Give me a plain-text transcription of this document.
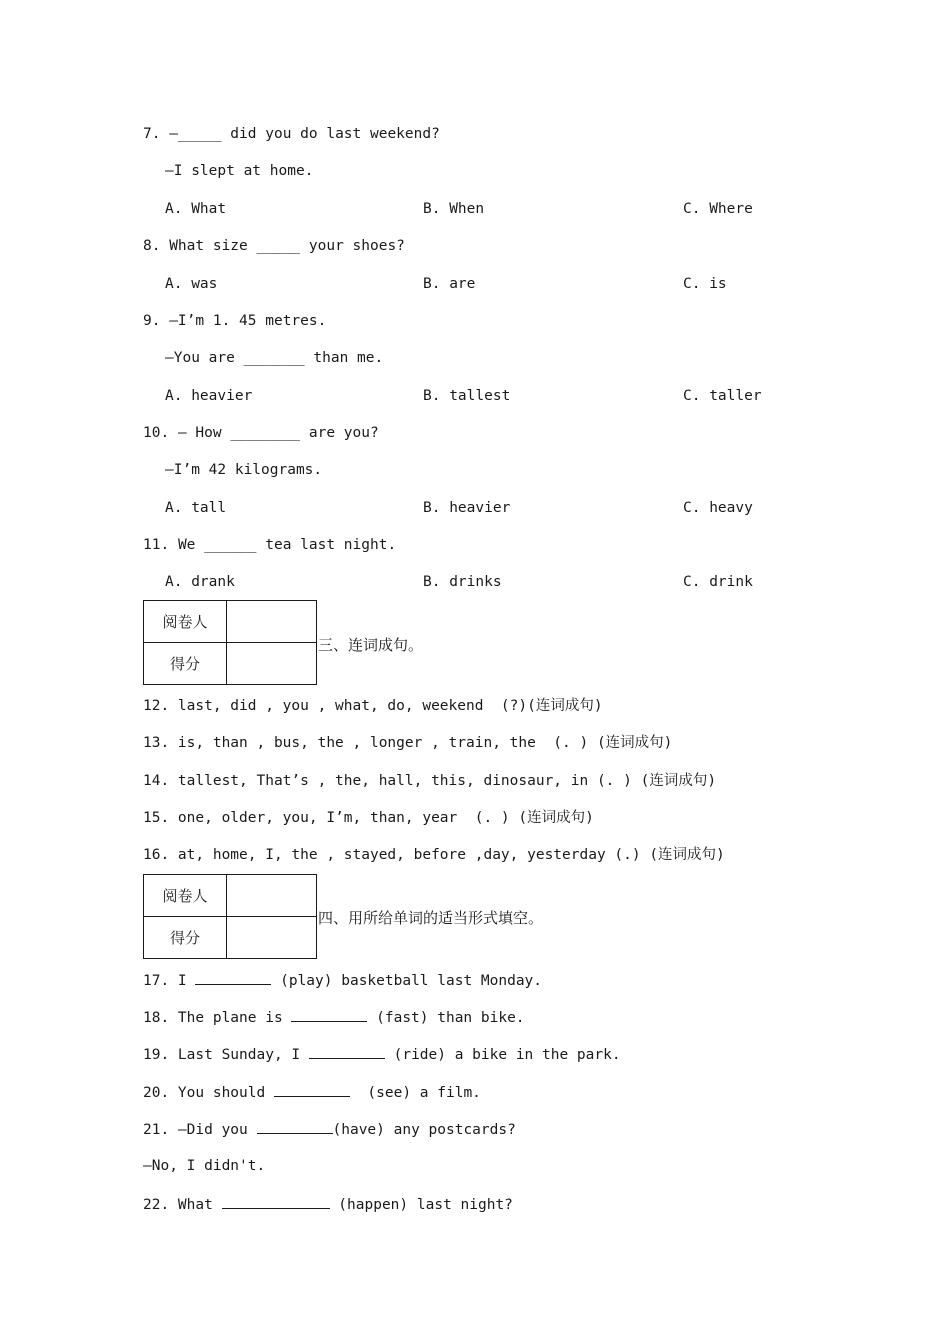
7. —_____ did you do last weekend?
—I slept at home.
A. What	B. When	C. Where
8. What size _____ your shoes?
A. was	B. are	C. is
9. —I’m 1. 45 metres.
—You are _______ than me.
A. heavier	B. tallest	C. taller
10. — How ________ are you?
—I’m 42 kilograms.
A. tall	B. heavier	C. heavy
11. We ______ tea last night.
A. drank	B. drinks	C. drink
阅卷人	
得分	
三、连词成句。
12. last, did , you , what, do, weekend  (?)(连词成句)
13. is, than , bus, the , longer , train, the  (. ) (连词成句)
14. tallest, That’s , the, hall, this, dinosaur, in (. ) (连词成句)
15. one, older, you, I’m, than, year  (. ) (连词成句)
16. at, home, I, the , stayed, before ,day, yesterday (.) (连词成句)
阅卷人	
得分	
四、用所给单词的适当形式填空。
17. I	(play) basketball last Monday.
18. The plane is	(fast) than bike.
19. Last Sunday, I	(ride) a bike in the park.
20. You should	(see) a film.
21. —Did you	(have) any postcards?
—No, I didn't.
22. What	(happen) last night?
